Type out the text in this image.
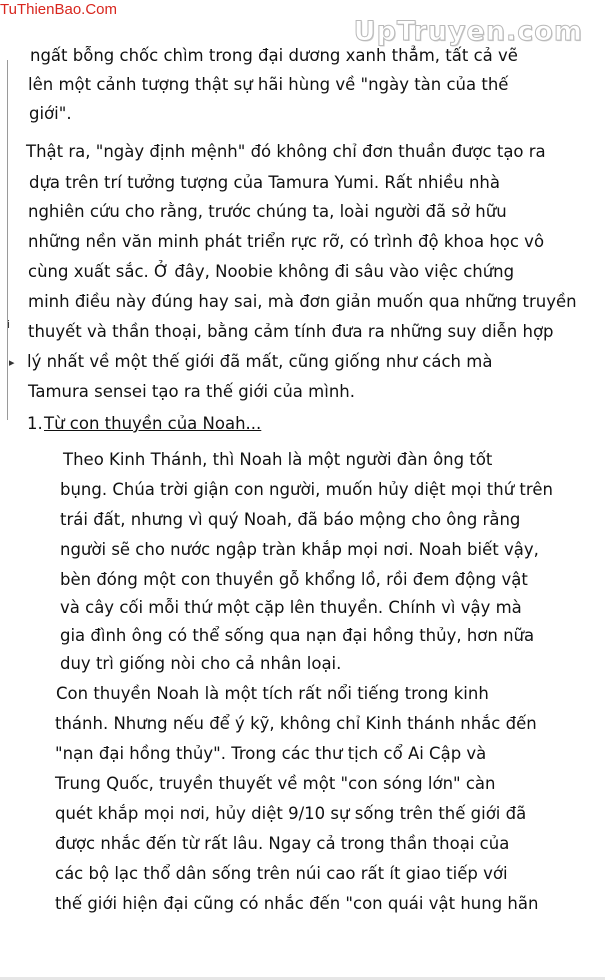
TuThienBao.Com
UpTruyen.com
i
▸
ngất bỗng chốc chìm trong đại dương xanh thẳm, tất cả vẽ
lên một cảnh tượng thật sự hãi hùng về "ngày tàn của thế
giới".
Thật ra, "ngày định mệnh" đó không chỉ đơn thuần được tạo ra
dựa trên trí tưởng tượng của Tamura Yumi. Rất nhiều nhà
nghiên cứu cho rằng, trước chúng ta, loài người đã sở hữu
những nền văn minh phát triển rực rỡ, có trình độ khoa học vô
cùng xuất sắc. Ở đây, Noobie không đi sâu vào việc chứng
minh điều này đúng hay sai, mà đơn giản muốn qua những truyền
thuyết và thần thoại, bằng cảm tính đưa ra những suy diễn hợp
lý nhất về một thế giới đã mất, cũng giống như cách mà
Tamura sensei tạo ra thế giới của mình.
1. Từ con thuyền của Noah...
Theo Kinh Thánh, thì Noah là một người đàn ông tốt
bụng. Chúa trời giận con người, muốn hủy diệt mọi thứ trên
trái đất, nhưng vì quý Noah, đã báo mộng cho ông rằng
người sẽ cho nước ngập tràn khắp mọi nơi. Noah biết vậy,
bèn đóng một con thuyền gỗ khổng lồ, rồi đem động vật
và cây cối mỗi thứ một cặp lên thuyền. Chính vì vậy mà
gia đình ông có thể sống qua nạn đại hồng thủy, hơn nữa
duy trì giống nòi cho cả nhân loại.
Con thuyền Noah là một tích rất nổi tiếng trong kinh
thánh. Nhưng nếu để ý kỹ, không chỉ Kinh thánh nhắc đến
"nạn đại hồng thủy". Trong các thư tịch cổ Ai Cập và
Trung Quốc, truyền thuyết về một "con sóng lớn" càn
quét khắp mọi nơi, hủy diệt 9/10 sự sống trên thế giới đã
được nhắc đến từ rất lâu. Ngay cả trong thần thoại của
các bộ lạc thổ dân sống trên núi cao rất ít giao tiếp với
thế giới hiện đại cũng có nhắc đến "con quái vật hung hãn
